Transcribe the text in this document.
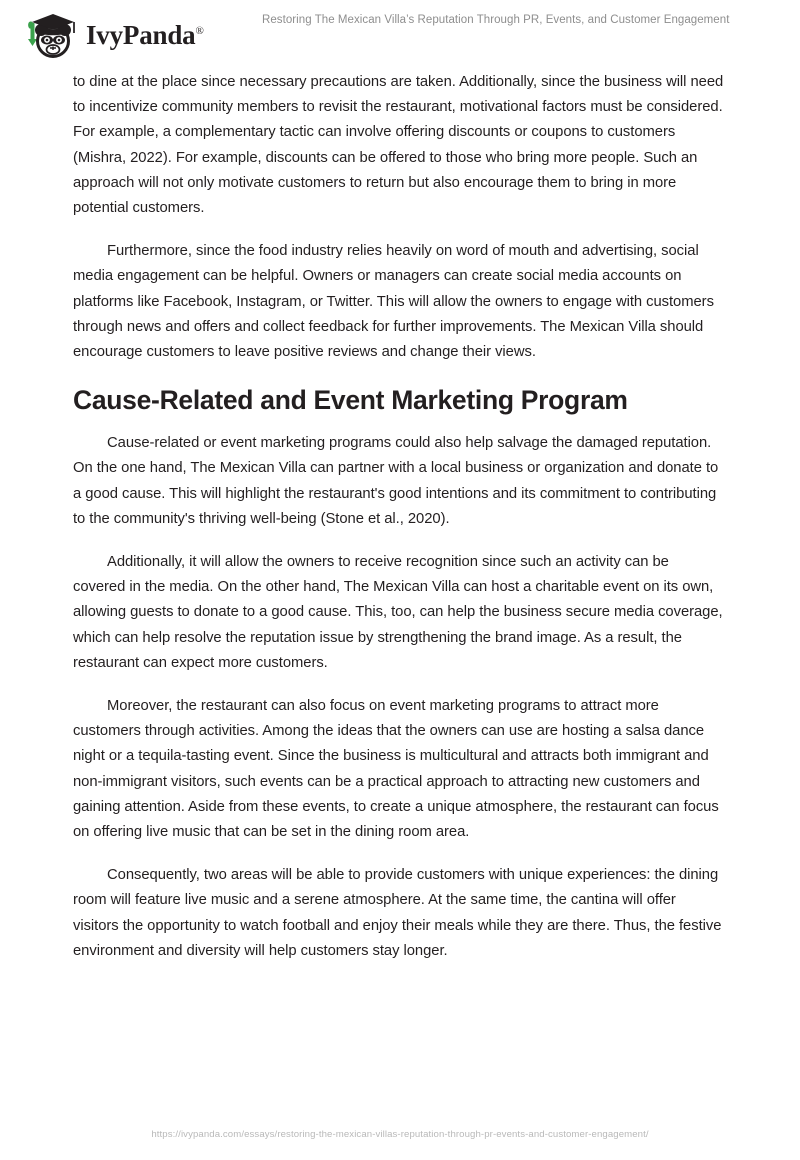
IvyPanda®
Restoring The Mexican Villa’s Reputation Through PR, Events, and Customer Engagement

to dine at the place since necessary precautions are taken. Additionally, since the business will need to incentivize community members to revisit the restaurant, motivational factors must be considered. For example, a complementary tactic can involve offering discounts or coupons to customers (Mishra, 2022). For example, discounts can be offered to those who bring more people. Such an approach will not only motivate customers to return but also encourage them to bring in more potential customers.

Furthermore, since the food industry relies heavily on word of mouth and advertising, social media engagement can be helpful. Owners or managers can create social media accounts on platforms like Facebook, Instagram, or Twitter. This will allow the owners to engage with customers through news and offers and collect feedback for further improvements. The Mexican Villa should encourage customers to leave positive reviews and change their views.

Cause-Related and Event Marketing Program

Cause-related or event marketing programs could also help salvage the damaged reputation. On the one hand, The Mexican Villa can partner with a local business or organization and donate to a good cause. This will highlight the restaurant's good intentions and its commitment to contributing to the community's thriving well-being (Stone et al., 2020).

Additionally, it will allow the owners to receive recognition since such an activity can be covered in the media. On the other hand, The Mexican Villa can host a charitable event on its own, allowing guests to donate to a good cause. This, too, can help the business secure media coverage, which can help resolve the reputation issue by strengthening the brand image. As a result, the restaurant can expect more customers.

Moreover, the restaurant can also focus on event marketing programs to attract more customers through activities. Among the ideas that the owners can use are hosting a salsa dance night or a tequila-tasting event. Since the business is multicultural and attracts both immigrant and non-immigrant visitors, such events can be a practical approach to attracting new customers and gaining attention. Aside from these events, to create a unique atmosphere, the restaurant can focus on offering live music that can be set in the dining room area.

Consequently, two areas will be able to provide customers with unique experiences: the dining room will feature live music and a serene atmosphere. At the same time, the cantina will offer visitors the opportunity to watch football and enjoy their meals while they are there. Thus, the festive environment and diversity will help customers stay longer.

https://ivypanda.com/essays/restoring-the-mexican-villas-reputation-through-pr-events-and-customer-engagement/
